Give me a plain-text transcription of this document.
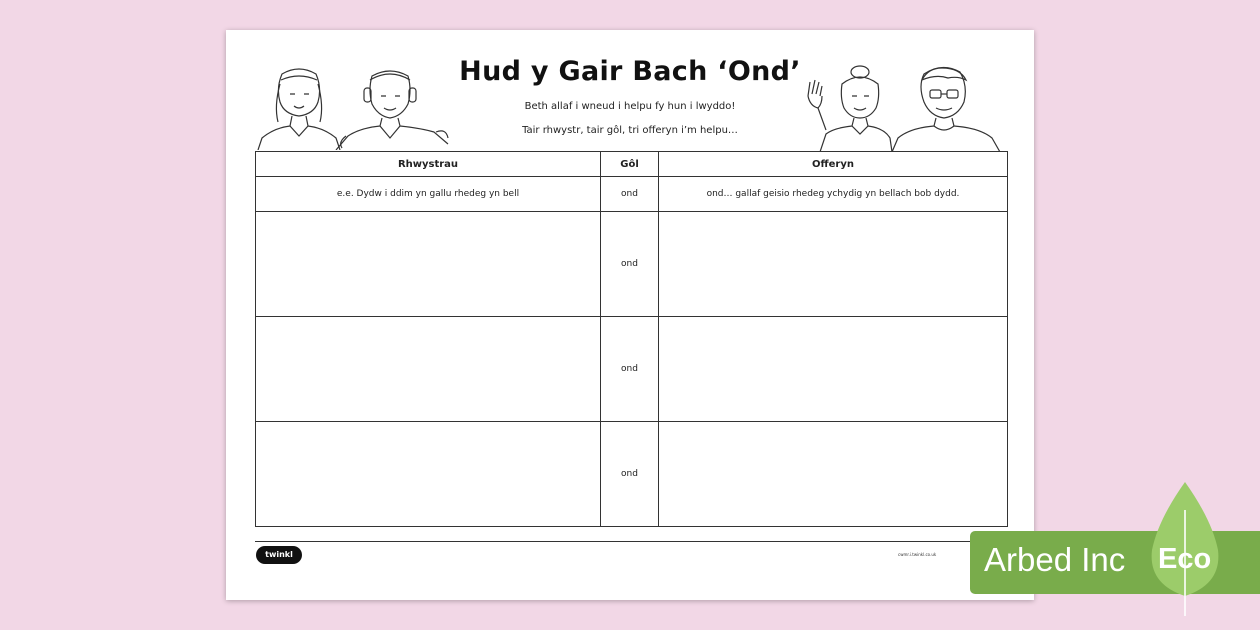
Hud y Gair Bach ‘Ond’
Beth allaf i wneud i helpu fy hun i lwyddo!
Tair rhwystr, tair gôl, tri offeryn i’m helpu…
Rhwystrau	Gôl	Offeryn
e.e. Dydw i ddim yn gallu rhedeg yn bell	ond	ond… gallaf geisio rhedeg ychydig yn bellach bob dydd.
	ond	
	ond	
	ond	
twinkl	cwmr.i.twinkl.co.uk Arbed Inc Eco
